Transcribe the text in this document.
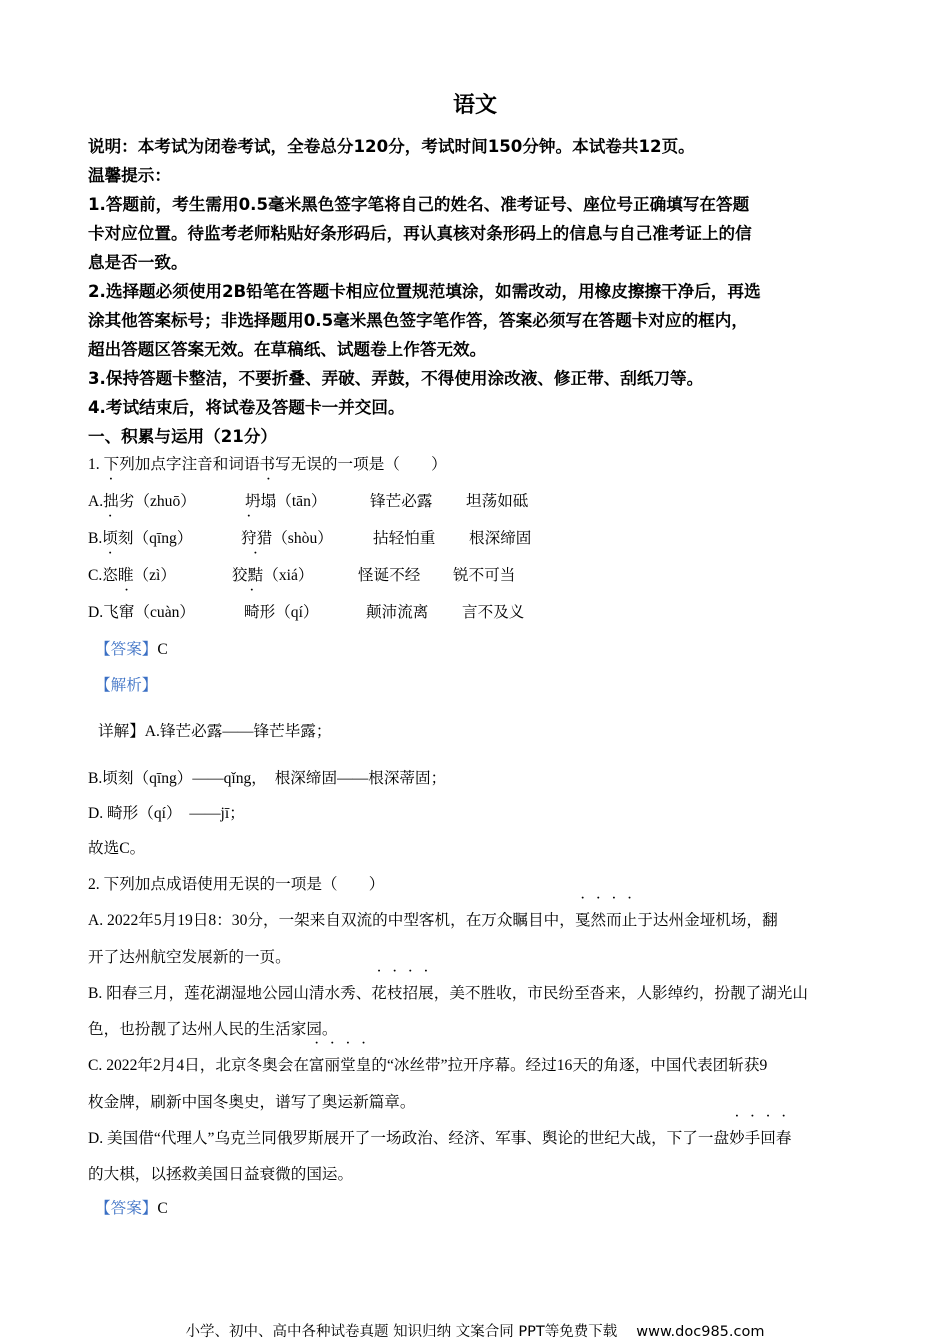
语文
说明：本考试为闭卷考试，全卷总分120分，考试时间150分钟。本试卷共12页。
温馨提示：
1.答题前，考生需用0.5毫米黑色签字笔将自己的姓名、准考证号、座位号正确填写在答题
卡对应位置。待监考老师粘贴好条形码后，再认真核对条形码上的信息与自己准考证上的信
息是否一致。
2.选择题必须使用2B铅笔在答题卡相应位置规范填涂，如需改动，用橡皮擦擦干净后，再选
涂其他答案标号；非选择题用0.5毫米黑色签字笔作答，答案必须写在答题卡对应的框内，
超出答题区答案无效。在草稿纸、试题卷上作答无效。
3.保持答题卡整洁，不要折叠、弄破、弄鼓，不得使用涂改液、修正带、刮纸刀等。
4.考试结束后，将试卷及答题卡一并交回。
一、积累与运用（21分）
1. 下列加点字注音和词语书写无误的一项是（　　）
A.拙劣（zhuō）	坍塌（tān）	锋芒必露 坦荡如砥
B.顷刻（qīng）	狩猎（shòu）	拈轻怕重 根深缔固
C.恣睢（zì）	狡黠（xiá）	怪诞不经 锐不可当
D.飞窜（cuàn）	畸形（qí）	颠沛流离 言不及义
【答案】C
【解析】
详解】A.锋芒必露——锋芒毕露；
B.顷刻（qīng）——qǐng，　根深缔固——根深蒂固；
D. 畸形（qí）　——jī；
故选C。
2. 下列加点成语使用无误的一项是（　　）
A. 2022年5月19日8：30分，一架来自双流的中型客机，在万众瞩目中，戛然而止于达州金垭机场，翻
开了达州航空发展新的一页。
B. 阳春三月，莲花湖湿地公园山清水秀、花枝招展，美不胜收，市民纷至沓来，人影绰约，扮靓了湖光山
色，也扮靓了达州人民的生活家园。
C. 2022年2月4日，北京冬奥会在富丽堂皇的“冰丝带”拉开序幕。经过16天的角逐，中国代表团斩获9
枚金牌，刷新中国冬奥史，谱写了奥运新篇章。
D. 美国借“代理人”乌克兰同俄罗斯展开了一场政治、经济、军事、舆论的世纪大战，下了一盘妙手回春
的大棋，以拯救美国日益衰微的国运。
【答案】C
小学、初中、高中各种试卷真题 知识归纳 文案合同 PPT等免费下载　 www.doc985.com
